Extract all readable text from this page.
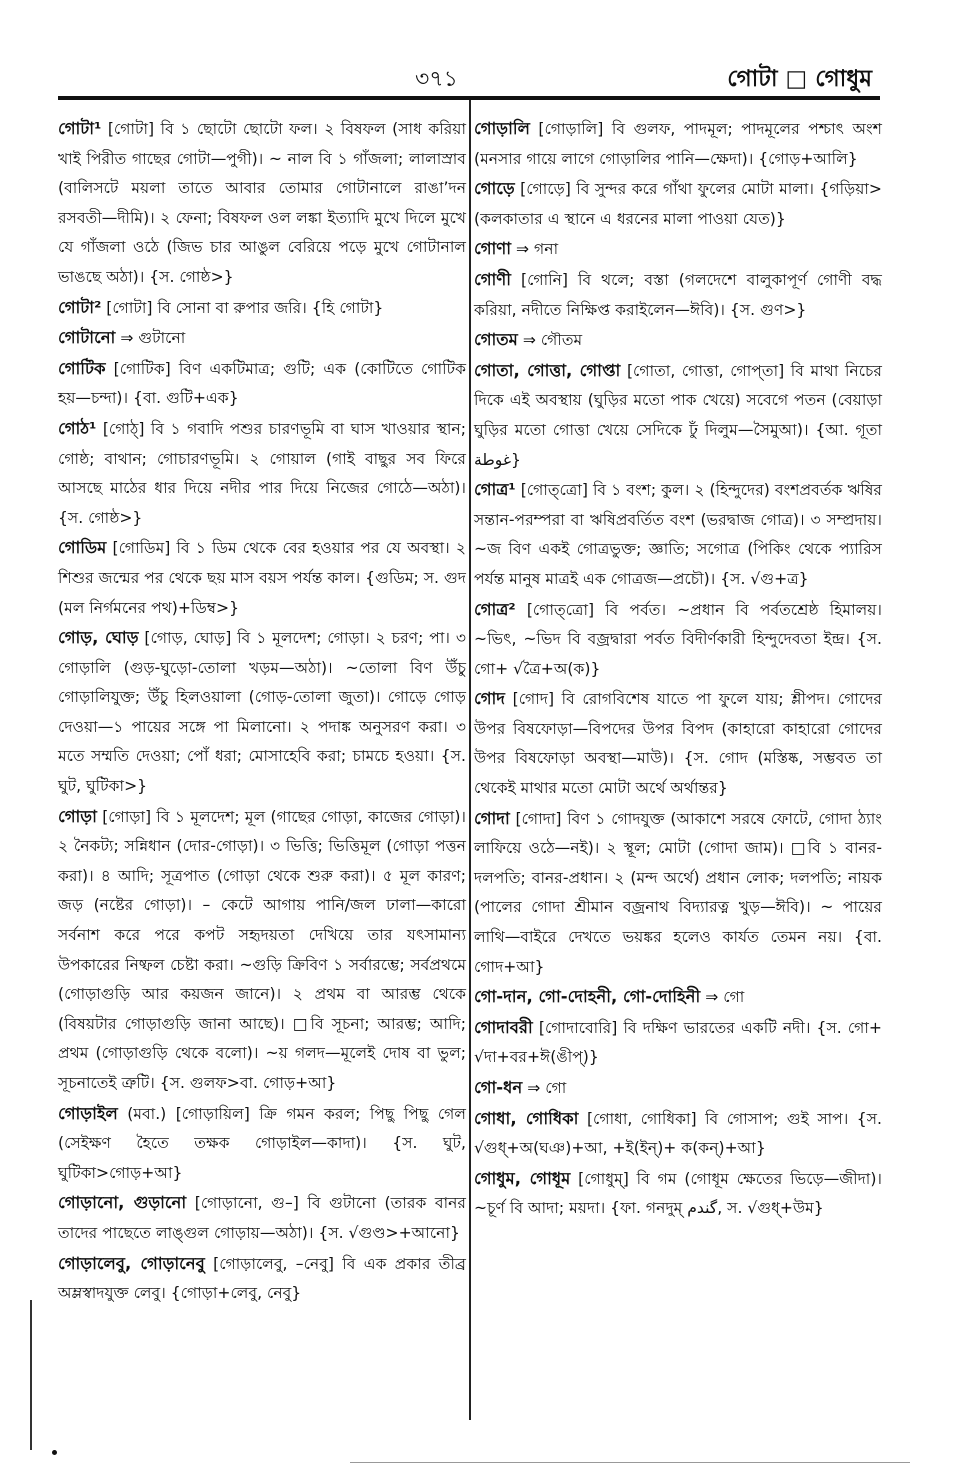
৩৭১	গোটা □ গোধুম
গোটা¹ [গোটা] বি ১ ছোটো ছোটো ফল। ২ বিষফল (সাধ করিয়া খাই পিরীত গাছের গোটা—পুগী)। ~ নাল বি ১ গাঁজলা; লালাস্রাব (বালিসটে ময়লা তাতে আবার তোমার গোটানালে রাঙা’দন রসবতী—দীমি)। ২ ফেনা; বিষফল ওল লঙ্কা ইত্যাদি মুখে দিলে মুখে যে গাঁজলা ওঠে (জিভ চার আঙুল বেরিয়ে পড়ে মুখে গোটানাল ভাঙছে অঠা)। {স. গোষ্ঠ>}
গোটা² [গোটা] বি সোনা বা রুপার জরি। {হি গোটা}
গোটানো ⇒ গুটানো
গোটিক [গোটিক] বিণ একটিমাত্র; গুটি; এক (কোটিতে গোটিক হয়—চন্দা)। {বা. গুটি+এক}
গোঠ¹ [গোঠ্] বি ১ গবাদি পশুর চারণভূমি বা ঘাস খাওয়ার স্থান; গোষ্ঠ; বাথান; গোচারণভূমি। ২ গোয়াল (গাই বাছুর সব ফিরে আসছে মাঠের ধার দিয়ে নদীর পার দিয়ে নিজের গোঠে—অঠা)। {স. গোষ্ঠ>}
গোডিম [গোডিম] বি ১ ডিম থেকে বের হওয়ার পর যে অবস্থা। ২ শিশুর জন্মের পর থেকে ছয় মাস বয়স পর্যন্ত কাল। {গুডিম; স. গুদ (মল নির্গমনের পথ)+ডিম্ব>}
গোড়, ঘোড় [গোড়, ঘোড়] বি ১ মূলদেশ; গোড়া। ২ চরণ; পা। ৩ গোড়ালি (গুড়-ঘুড়ো-তোলা খড়ম—অঠা)। ~তোলা বিণ উঁচু গোড়ালিযুক্ত; উঁচু হিলওয়ালা (গোড়-তোলা জুতা)। গোড়ে গোড় দেওয়া—১ পায়ের সঙ্গে পা মিলানো। ২ পদাঙ্ক অনুসরণ করা। ৩ মতে সম্মতি দেওয়া; পোঁ ধরা; মোসাহেবি করা; চামচে হওয়া। {স. ঘুট, ঘুটিকা>}
গোড়া [গোড়া] বি ১ মূলদেশ; মূল (গাছের গোড়া, কাজের গোড়া)। ২ নৈকট্য; সন্নিধান (দোর-গোড়া)। ৩ ভিত্তি; ভিত্তিমূল (গোড়া পত্তন করা)। ৪ আদি; সূত্রপাত (গোড়া থেকে শুরু করা)। ৫ মূল কারণ; জড় (নষ্টের গোড়া)। – কেটে আগায় পানি/জল ঢালা—কারো সর্বনাশ করে পরে কপট সহৃদয়তা দেখিয়ে তার যৎসামান্য উপকারের নিষ্ফল চেষ্টা করা। ~গুড়ি ক্রিবিণ ১ সর্বারম্ভে; সর্বপ্রথমে (গোড়াগুড়ি আর কয়জন জানে)। ২ প্রথম বা আরম্ভ থেকে (বিষয়টার গোড়াগুড়ি জানা আছে)। □বি সূচনা; আরম্ভ; আদি; প্রথম (গোড়াগুড়ি থেকে বলো)। ~য় গলদ—মূলেই দোষ বা ভুল; সূচনাতেই ত্রুটি। {স. গুলফ>বা. গোড়+আ}
গোড়াইল (মবা.) [গোড়ায়িল] ক্রি গমন করল; পিছু পিছু গেল (সেইক্ষণ হৈতে তক্ষক গোড়াইল—কাদা)। {স. ঘুট, ঘুটিকা>গোড়+আ}
গোড়ানো, গুড়ানো [গোড়ানো, গু–] বি গুটানো (তারক বানর তাদের পাছেতে লাঙ্গুল গোড়ায়—অঠা)। {স. √গুণ্ড>+আনো}
গোড়ালেবু, গোড়ানেবু [গোড়ালেবু, –নেবু] বি এক প্রকার তীব্র অম্লস্বাদযুক্ত লেবু। {গোড়া+লেবু, নেবু}
গোড়ালি [গোড়ালি] বি গুলফ, পাদমূল; পাদমূলের পশ্চাৎ অংশ (মনসার গায়ে লাগে গোড়ালির পানি—ক্ষেদা)। {গোড়+আলি}
গোড়ে [গোড়ে] বি সুন্দর করে গাঁথা ফুলের মোটা মালা। {গড়িয়া>(কলকাতার এ স্থানে এ ধরনের মালা পাওয়া যেত)}
গোণা ⇒ গনা
গোণী [গোনি] বি থলে; বস্তা (গলদেশে বালুকাপূর্ণ গোণী বদ্ধ করিয়া, নদীতে নিক্ষিপ্ত করাইলেন—ঈবি)। {স. গুণ>}
গোতম ⇒ গৌতম
গোতা, গোত্তা, গোপ্তা [গোতা, গোত্তা, গোপ্‌তা] বি মাথা নিচের দিকে এই অবস্থায় (ঘুড়ির মতো পাক খেয়ে) সবেগে পতন (বেয়াড়া ঘুড়ির মতো গোত্তা খেয়ে সেদিকে ঢুঁ দিলুম—সৈমুআ)। {আ. গূতা غوطة}
গোত্র¹ [গোত্‌ত্রো] বি ১ বংশ; কুল। ২ (হিন্দুদের) বংশপ্রবর্তক ঋষির সন্তান-পরম্পরা বা ঋষিপ্রবর্তিত বংশ (ভরদ্বাজ গোত্র)। ৩ সম্প্রদায়। ~জ বিণ একই গোত্রভুক্ত; জ্ঞাতি; সগোত্র (পিকিং থেকে প্যারিস পর্যন্ত মানুষ মাত্রই এক গোত্রজ—প্রচৌ)। {স. √গু+ত্র}
গোত্র² [গোত্‌ত্রো] বি পর্বত। ~প্রধান বি পর্বতশ্রেষ্ঠ হিমালয়। ~ভিৎ, ~ভিদ বি বজ্রদ্বারা পর্বত বিদীর্ণকারী হিন্দুদেবতা ইন্দ্র। {স. গো+ √ত্রৈ+অ(ক)}
গোদ [গোদ] বি রোগবিশেষ যাতে পা ফুলে যায়; শ্লীপদ। গোদের উপর বিষফোড়া—বিপদের উপর বিপদ (কাহারো কাহারো গোদের উপর বিষফোড়া অবস্থা—মাউ)। {স. গোদ (মস্তিষ্ক, সম্ভবত তা থেকেই মাথার মতো মোটা অর্থে অর্থান্তর}
গোদা [গোদা] বিণ ১ গোদযুক্ত (আকাশে সরষে ফোটে, গোদা ঠ্যাং লাফিয়ে ওঠে—নই)। ২ স্থূল; মোটা (গোদা জাম)। □বি ১ বানর-দলপতি; বানর-প্রধান। ২ (মন্দ অর্থে) প্রধান লোক; দলপতি; নায়ক (পালের গোদা শ্রীমান বজ্রনাথ বিদ্যারত্ন খুড়—ঈবি)। ~ পায়ের লাথি—বাইরে দেখতে ভয়ঙ্কর হলেও কার্যত তেমন নয়। {বা. গোদ+আ}
গো-দান, গো-দোহনী, গো-দোহিনী ⇒ গো
গোদাবরী [গোদাবোরি] বি দক্ষিণ ভারতের একটি নদী। {স. গো+ √দা+বর+ঈ(ঙীপ্)}
গো-ধন ⇒ গো
গোধা, গোধিকা [গোধা, গোধিকা] বি গোসাপ; গুই সাপ। {স. √গুধ্+অ(ঘঞ)+আ, +ই(ইন্)+ ক(কন্)+আ}
গোধুম, গোধূম [গোধুম্] বি গম (গোধূম ক্ষেতের ভিড়ে—জীদা)। ~চূর্ণ বি আদা; ময়দা। {ফা. গনদুম্ گندم, স. √গুধ্+উম}
